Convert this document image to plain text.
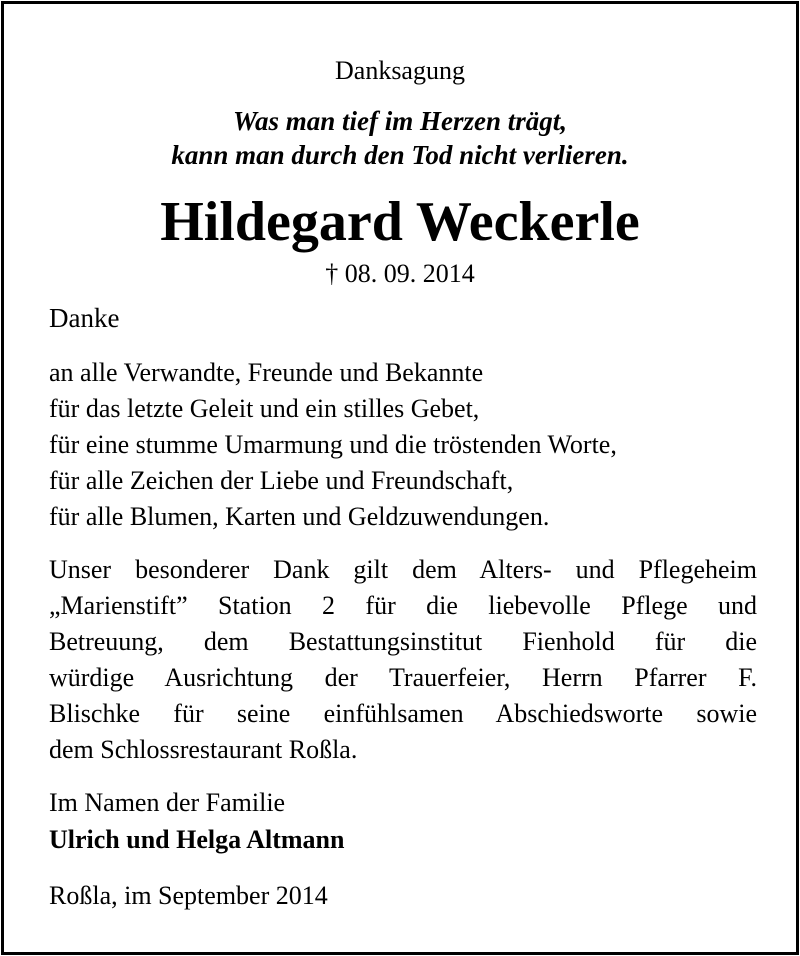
Danksagung
Was man tief im Herzen trägt,
kann man durch den Tod nicht verlieren.
Hildegard Weckerle
† 08. 09. 2014
Danke
an alle Verwandte, Freunde und Bekannte
für das letzte Geleit und ein stilles Gebet,
für eine stumme Umarmung und die tröstenden Worte,
für alle Zeichen der Liebe und Freundschaft,
für alle Blumen, Karten und Geldzuwendungen.
Unser besonderer Dank gilt dem Alters- und Pflegeheim
„Marienstift” Station 2 für die liebevolle Pflege und
Betreuung, dem Bestattungsinstitut Fienhold für die
würdige Ausrichtung der Trauerfeier, Herrn Pfarrer F.
Blischke für seine einfühlsamen Abschiedsworte sowie
dem Schlossrestaurant Roßla.
Im Namen der Familie
Ulrich und Helga Altmann
Roßla, im September 2014
